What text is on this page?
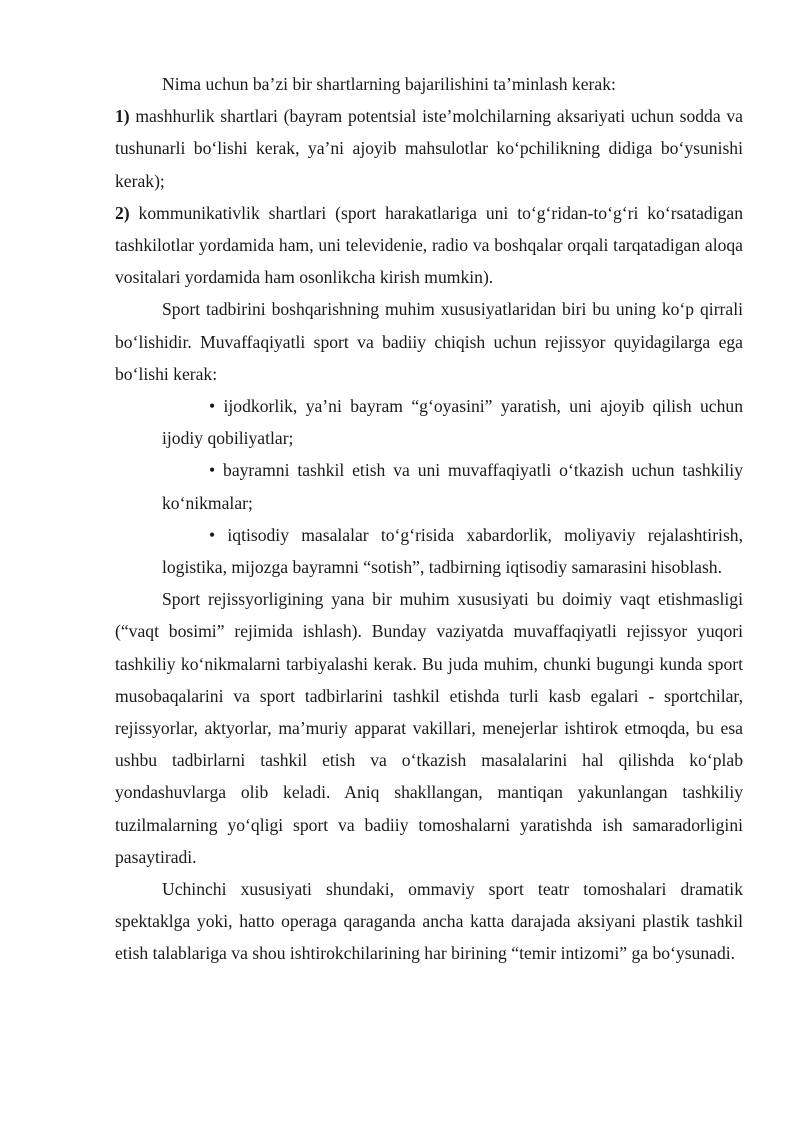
Nima uchun ba’zi bir shartlarning bajarilishini ta’minlash kerak:

1) mashhurlik shartlari (bayram potentsial iste’molchilarning aksariyati uchun sodda va tushunarli bo‘lishi kerak, ya’ni ajoyib mahsulotlar ko‘pchilikning didiga bo‘ysunishi kerak);

2) kommunikativlik shartlari (sport harakatlariga uni to‘g‘ridan-to‘g‘ri ko‘rsatadigan tashkilotlar yordamida ham, uni televidenie, radio va boshqalar orqali tarqatadigan aloqa vositalari yordamida ham osonlikcha kirish mumkin).

Sport tadbirini boshqarishning muhim xususiyatlaridan biri bu uning ko‘p qirrali bo‘lishidir. Muvaffaqiyatli sport va badiiy chiqish uchun rejissyor quyidagilarga ega bo‘lishi kerak:

• ijodkorlik, ya’ni bayram “g‘oyasini” yaratish, uni ajoyib qilish uchun ijodiy qobiliyatlar;

• bayramni tashkil etish va uni muvaffaqiyatli o‘tkazish uchun tashkiliy ko‘nikmalar;

• iqtisodiy masalalar to‘g‘risida xabardorlik, moliyaviy rejalashtirish, logistika, mijozga bayramni “sotish”, tadbirning iqtisodiy samarasini hisoblash.

Sport rejissyorligining yana bir muhim xususiyati bu doimiy vaqt etishmasligi (“vaqt bosimi” rejimida ishlash). Bunday vaziyatda muvaffaqiyatli rejissyor yuqori tashkiliy ko‘nikmalarni tarbiyalashi kerak. Bu juda muhim, chunki bugungi kunda sport musobaqalarini va sport tadbirlarini tashkil etishda turli kasb egalari - sportchilar, rejissyorlar, aktyorlar, ma’muriy apparat vakillari, menejerlar ishtirok etmoqda, bu esa ushbu tadbirlarni tashkil etish va o‘tkazish masalalarini hal qilishda ko‘plab yondashuvlarga olib keladi. Aniq shakllangan, mantiqan yakunlangan tashkiliy tuzilmalarning yo‘qligi sport va badiiy tomoshalarni yaratishda ish samaradorligini pasaytiradi.

Uchinchi xususiyati shundaki, ommaviy sport teatr tomoshalari dramatik spektaklga yoki, hatto operaga qaraganda ancha katta darajada aksiyani plastik tashkil etish talablariga va shou ishtirokchilarining har birining “temir intizomi” ga bo‘ysunadi.
